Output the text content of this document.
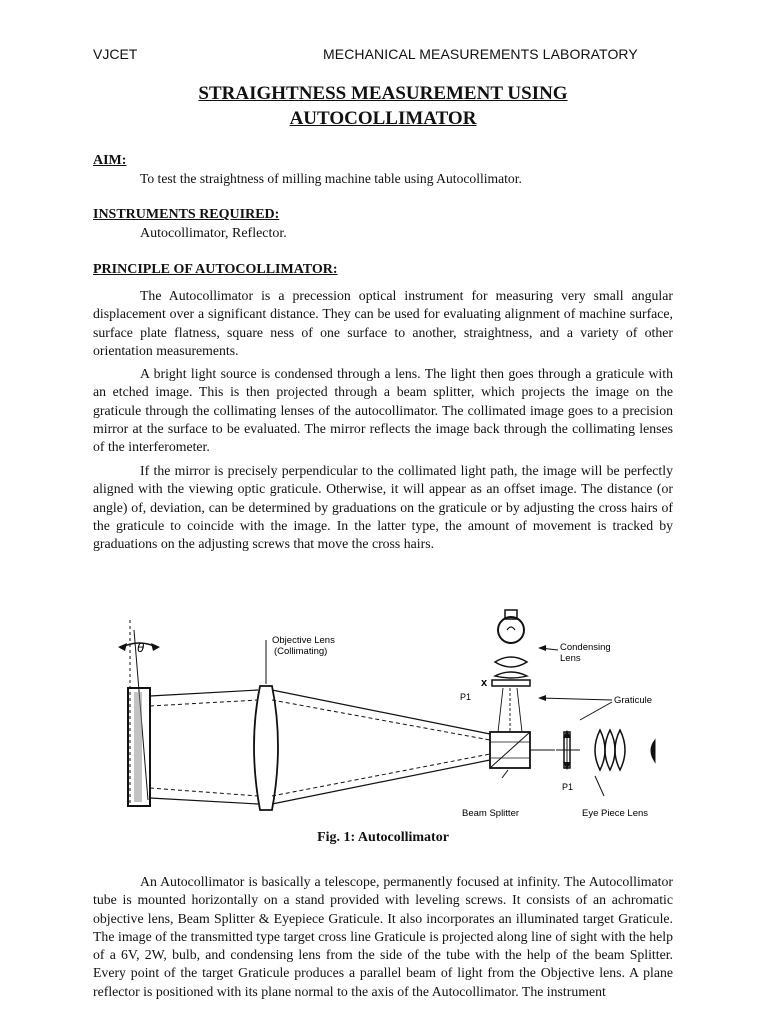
VJCET	MECHANICAL MEASUREMENTS LABORATORY
STRAIGHTNESS MEASUREMENT USING
AUTOCOLLIMATOR
AIM:
To test the straightness of milling machine table using Autocollimator.
INSTRUMENTS REQUIRED:
Autocollimator, Reflector.
PRINCIPLE OF AUTOCOLLIMATOR:
The Autocollimator is a precession optical instrument for measuring very small angular displacement over a significant distance. They can be used for evaluating alignment of machine surface, surface plate flatness, square ness of one surface to another, straightness, and a variety of other orientation measurements.
A bright light source is condensed through a lens. The light then goes through a graticule with an etched image. This is then projected through a beam splitter, which projects the image on the graticule through the collimating lenses of the autocollimator. The collimated image goes to a precision mirror at the surface to be evaluated. The mirror reflects the image back through the collimating lenses of the interferometer.
If the mirror is precisely perpendicular to the collimated light path, the image will be perfectly aligned with the viewing optic graticule. Otherwise, it will appear as an offset image. The distance (or angle) of, deviation, can be determined by graduations on the graticule or by adjusting the cross hairs of the graticule to coincide with the image. In the latter type, the amount of movement is tracked by graduations on the adjusting screws that move the cross hairs.
θ	Objective Lens
(Collimating)
Beam Splitter
P1
x
Condensing
Lens
Graticule
P1
Eye Piece Lens
Fig. 1: Autocollimator
An Autocollimator is basically a telescope, permanently focused at infinity. The Autocollimator tube is mounted horizontally on a stand provided with leveling screws. It consists of an achromatic objective lens, Beam Splitter & Eyepiece Graticule. It also incorporates an illuminated target Graticule. The image of the transmitted type target cross line Graticule is projected along line of sight with the help of a 6V, 2W, bulb, and condensing lens from the side of the tube with the help of the beam Splitter. Every point of the target Graticule produces a parallel beam of light from the Objective lens. A plane reflector is positioned with its plane normal to the axis of the Autocollimator. The instrument
